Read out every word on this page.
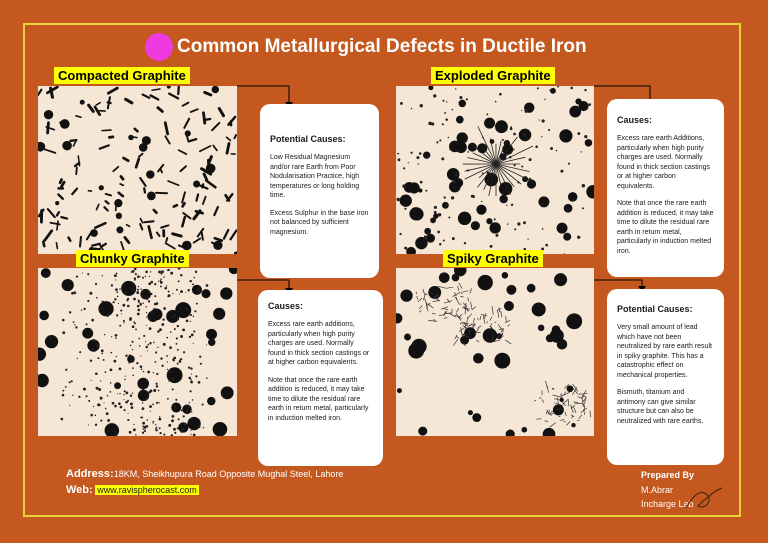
Common Metallurgical Defects in Ductile Iron
Compacted Graphite
Potential Causes:

Low Residual Magnesium and/or rare Earth from Poor Nodularisation Practice, high temperatures or long holding time.

Excess Sulphur in the base iron not balanced by sufficient magnesium.

Exploded Graphite
Causes:

Excess rare earth Additions, particularly when high purity charges are used. Normally found in thick section castings or at higher carbon equivalents.

Note that once the rare earth addition is reduced, it may take time to dilute the residual rare earth in return metal, particularly in induction melted iron.

Chunky Graphite
Causes:

Excess rare earth additions, particularly when high purity charges are used. Normally found in thick section castings or at higher carbon equivalents.

Note that once the rare earth addition is reduced, it may take time to dilute the residual rare earth in return metal, particularly in induction melted iron.

Spiky Graphite
Potential Causes:

Very small amount of lead which have not been neutralized by rare earth result in spiky graphite. This has a catastrophic effect on mechanical properties.

Bismuth, titanium and antimony can give similar structure but can also be neutralized with rare earths.

Address:18KM, Sheikhupura Road Opposite Mughal Steel, Lahore
Web: www.ravispherocast.com
Prepared By
M.Abrar
Incharge Lab
